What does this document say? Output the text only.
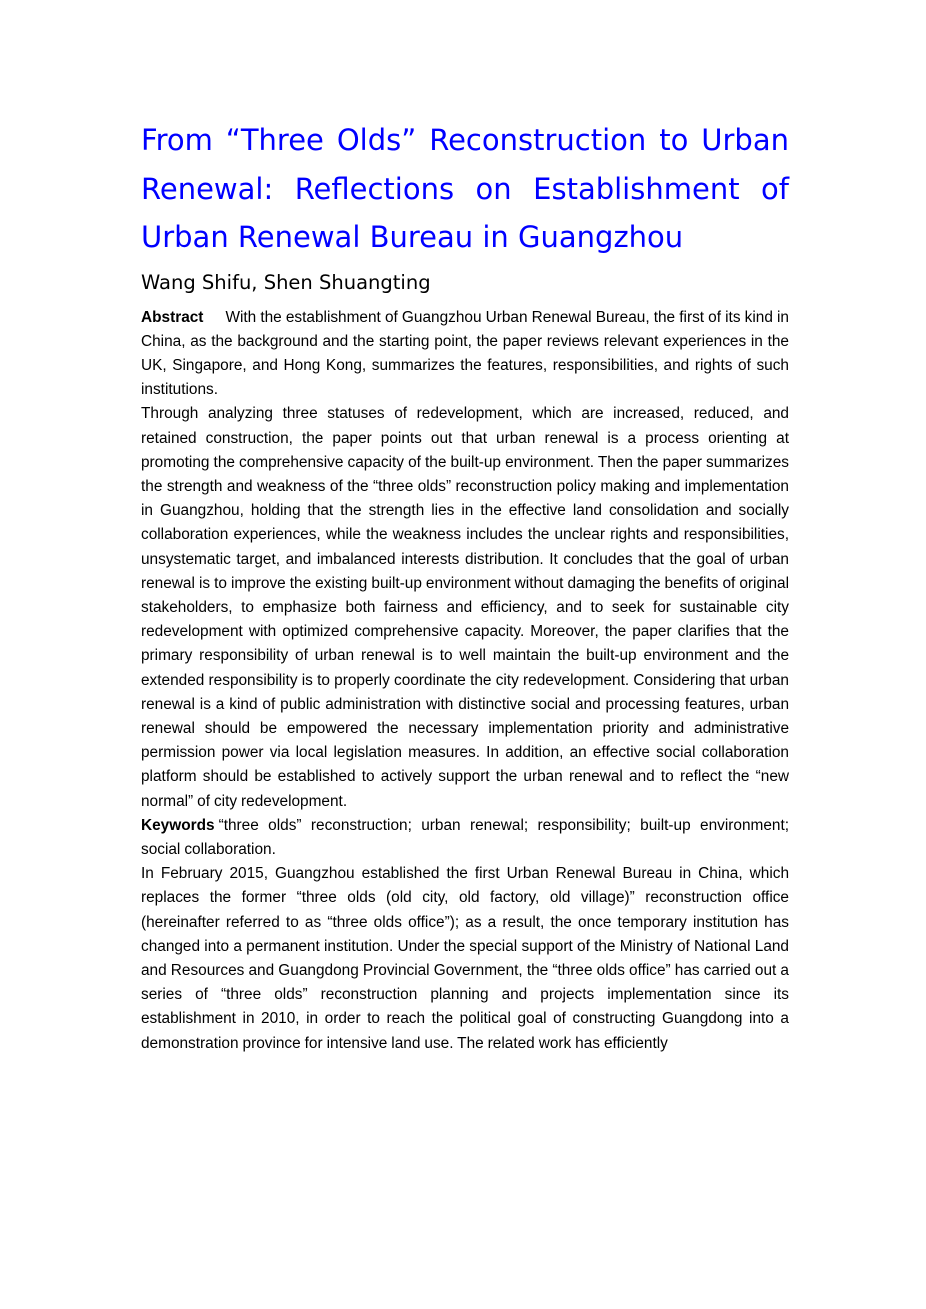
From “Three Olds” Reconstruction to Urban Renewal: Reflections on Establishment of Urban Renewal Bureau in Guangzhou
Wang Shifu, Shen Shuangting

Abstract With the establishment of Guangzhou Urban Renewal Bureau, the first of its kind in China, as the background and the starting point, the paper reviews relevant experiences in the UK, Singapore, and Hong Kong, summarizes the features, responsibilities, and rights of such institutions.

Through analyzing three statuses of redevelopment, which are increased, reduced, and retained construction, the paper points out that urban renewal is a process orienting at promoting the comprehensive capacity of the built-up environment. Then the paper summarizes the strength and weakness of the “three olds” reconstruction policy making and implementation in Guangzhou, holding that the strength lies in the effective land consolidation and socially collaboration experiences, while the weakness includes the unclear rights and responsibilities, unsystematic target, and imbalanced interests distribution. It concludes that the goal of urban renewal is to improve the existing built-up environment without damaging the benefits of original stakeholders, to emphasize both fairness and efficiency, and to seek for sustainable city redevelopment with optimized comprehensive capacity. Moreover, the paper clarifies that the primary responsibility of urban renewal is to well maintain the built-up environment and the extended responsibility is to properly coordinate the city redevelopment. Considering that urban renewal is a kind of public administration with distinctive social and processing features, urban renewal should be empowered the necessary implementation priority and administrative permission power via local legislation measures. In addition, an effective social collaboration platform should be established to actively support the urban renewal and to reflect the “new normal” of city redevelopment.

Keywords “three olds” reconstruction; urban renewal; responsibility; built-up environment; social collaboration.

In February 2015, Guangzhou established the first Urban Renewal Bureau in China, which replaces the former “three olds (old city, old factory, old village)” reconstruction office (hereinafter referred to as “three olds office”); as a result, the once temporary institution has changed into a permanent institution. Under the special support of the Ministry of National Land and Resources and Guangdong Provincial Government, the “three olds office” has carried out a series of “three olds” reconstruction planning and projects implementation since its establishment in 2010, in order to reach the political goal of constructing Guangdong into a demonstration province for intensive land use. The related work has efficiently
